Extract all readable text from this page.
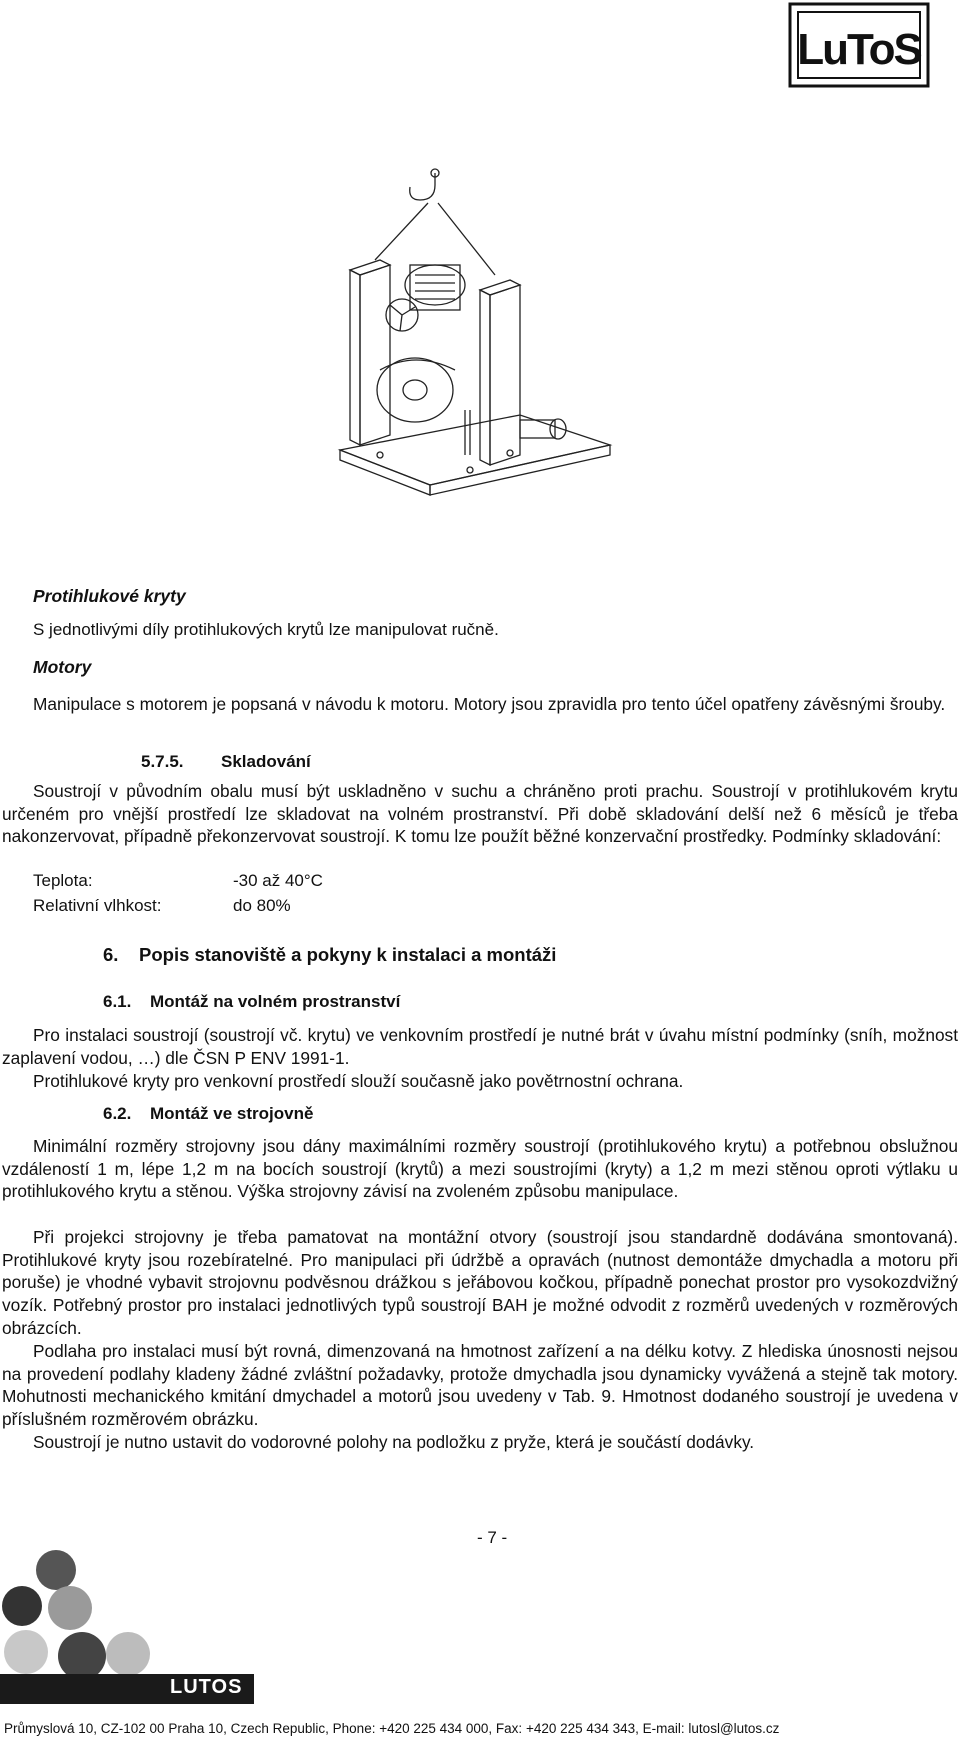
LuToS
Protihlukové kryty
S jednotlivými díly protihlukových krytů lze manipulovat ručně.
Motory
Manipulace s motorem je popsaná v návodu k motoru. Motory jsou zpravidla pro tento účel opatřeny závěsnými šrouby.
5.7.5. Skladování
Soustrojí v původním obalu musí být uskladněno v suchu a chráněno proti prachu. Soustrojí v protihlukovém krytu určeném pro vnější prostředí lze skladovat na volném prostranství. Při době skladování delší než 6 měsíců je třeba nakonzervovat, případně překonzervovat soustrojí. K tomu lze použít běžné konzervační prostředky. Podmínky skladování:
Teplota:	-30 až 40°C
Relativní vlhkost:	do 80%
6. Popis stanoviště a pokyny k instalaci a montáži
6.1. Montáž na volném prostranství
Pro instalaci soustrojí (soustrojí vč. krytu) ve venkovním prostředí je nutné brát v úvahu místní podmínky (sníh, možnost zaplavení vodou, …) dle ČSN P ENV 1991-1.
Protihlukové kryty pro venkovní prostředí slouží současně jako povětrnostní ochrana.
6.2. Montáž ve strojovně
Minimální rozměry strojovny jsou dány maximálními rozměry soustrojí (protihlukového krytu) a potřebnou obslužnou vzdáleností 1 m, lépe 1,2 m na bocích soustrojí (krytů) a mezi soustrojími (kryty) a 1,2 m mezi stěnou oproti výtlaku u protihlukového krytu a stěnou. Výška strojovny závisí na zvoleném způsobu manipulace.
Při projekci strojovny je třeba pamatovat na montážní otvory (soustrojí jsou standardně dodávána smontovaná). Protihlukové kryty jsou rozebíratelné. Pro manipulaci při údržbě a opravách (nutnost demontáže dmychadla a motoru při poruše) je vhodné vybavit strojovnu podvěsnou drážkou s jeřábovou kočkou, případně ponechat prostor pro vysokozdvižný vozík. Potřebný prostor pro instalaci jednotlivých typů soustrojí BAH je možné odvodit z rozměrů uvedených v rozměrových obrázcích.
Podlaha pro instalaci musí být rovná, dimenzovaná na hmotnost zařízení a na délku kotvy. Z hlediska únosnosti nejsou na provedení podlahy kladeny žádné zvláštní požadavky, protože dmychadla jsou dynamicky vyvážená a stejně tak motory. Mohutnosti mechanického kmitání dmychadel a motorů jsou uvedeny v Tab. 9. Hmotnost dodaného soustrojí je uvedena v příslušném rozměrovém obrázku.
Soustrojí je nutno ustavit do vodorovné polohy na podložku z pryže, která je součástí dodávky.
- 7 -
LUTOS
Průmyslová 10, CZ-102 00 Praha 10, Czech Republic, Phone: +420 225 434 000, Fax: +420 225 434 343, E-mail: lutosl@lutos.cz
